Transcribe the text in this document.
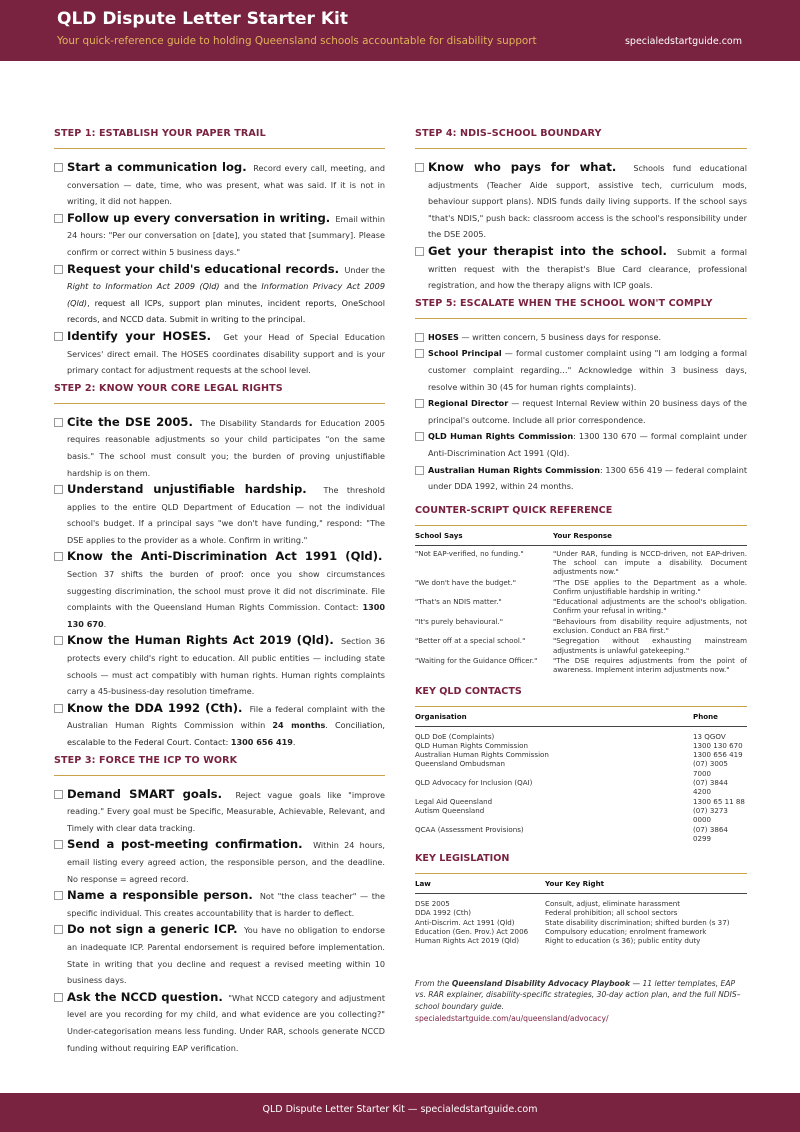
QLD Dispute Letter Starter Kit
Your quick-reference guide to holding Queensland schools accountable for disability support	specialedstartguide.com
STEP 1: ESTABLISH YOUR PAPER TRAIL
Start a communication log. Record every call, meeting, and conversation — date, time, who was present, what was said. If it is not in writing, it did not happen.
Follow up every conversation in writing. Email within 24 hours: "Per our conversation on [date], you stated that [summary]. Please confirm or correct within 5 business days."
Request your child's educational records. Under the Right to Information Act 2009 (Qld) and the Information Privacy Act 2009 (Qld), request all ICPs, support plan minutes, incident reports, OneSchool records, and NCCD data. Submit in writing to the principal.
Identify your HOSES. Get your Head of Special Education Services' direct email. The HOSES coordinates disability support and is your primary contact for adjustment requests at the school level.
STEP 2: KNOW YOUR CORE LEGAL RIGHTS
Cite the DSE 2005. The Disability Standards for Education 2005 requires reasonable adjustments so your child participates "on the same basis." The school must consult you; the burden of proving unjustifiable hardship is on them.
Understand unjustifiable hardship. The threshold applies to the entire QLD Department of Education — not the individual school's budget. If a principal says "we don't have funding," respond: "The DSE applies to the provider as a whole. Confirm in writing."
Know the Anti-Discrimination Act 1991 (Qld).  Section 37 shifts the burden of proof: once you show circumstances suggesting discrimination, the school must prove it did not discriminate. File complaints with the Queensland Human Rights Commission. Contact: 1300 130 670.
Know the Human Rights Act 2019 (Qld). Section 36 protects every child's right to education. All public entities — including state schools — must act compatibly with human rights. Human rights complaints carry a 45-business-day resolution timeframe.
Know the DDA 1992 (Cth). File a federal complaint with the Australian Human Rights Commission within 24 months. Conciliation, escalable to the Federal Court. Contact: 1300 656 419.
STEP 3: FORCE THE ICP TO WORK
Demand SMART goals. Reject vague goals like "improve reading." Every goal must be Specific, Measurable, Achievable, Relevant, and Timely with clear data tracking.
Send a post-meeting confirmation. Within 24 hours, email listing every agreed action, the responsible person, and the deadline. No response = agreed record.
Name a responsible person. Not "the class teacher" — the specific individual. This creates accountability that is harder to deflect.
Do not sign a generic ICP. You have no obligation to endorse an inadequate ICP. Parental endorsement is required before implementation. State in writing that you decline and request a revised meeting within 10 business days.
Ask the NCCD question. "What NCCD category and adjustment level are you recording for my child, and what evidence are you collecting?" Under-categorisation means less funding. Under RAR, schools generate NCCD funding without requiring EAP verification.
STEP 4: NDIS–SCHOOL BOUNDARY
Know who pays for what. Schools fund educational adjustments (Teacher Aide support, assistive tech, curriculum mods, behaviour support plans). NDIS funds daily living supports. If the school says "that's NDIS," push back: classroom access is the school's responsibility under the DSE 2005.
Get your therapist into the school. Submit a formal written request with the therapist's Blue Card clearance, professional registration, and how the therapy aligns with ICP goals.
STEP 5: ESCALATE WHEN THE SCHOOL WON'T COMPLY
HOSES — written concern, 5 business days for response.
School Principal — formal customer complaint using "I am lodging a formal customer complaint regarding…" Acknowledge within 3 business days, resolve within 30 (45 for human rights complaints).
Regional Director — request Internal Review within 20 business days of the principal's outcome. Include all prior correspondence.
QLD Human Rights Commission: 1300 130 670 — formal complaint under Anti-Discrimination Act 1991 (Qld).
Australian Human Rights Commission: 1300 656 419 — federal complaint under DDA 1992, within 24 months.
COUNTER-SCRIPT QUICK REFERENCE
School Says	Your Response
"Not EAP-verified, no funding."	"Under RAR, funding is NCCD-driven, not EAP-driven. The school can impute a disability. Document adjustments now."
"We don't have the budget."	"The DSE applies to the Department as a whole. Confirm unjustifiable hardship in writing."
"That's an NDIS matter."	"Educational adjustments are the school's obligation. Confirm your refusal in writing."
"It's purely behavioural."	"Behaviours from disability require adjustments, not exclusion. Conduct an FBA first."
"Better off at a special school."	"Segregation without exhausting mainstream adjustments is unlawful gatekeeping."
"Waiting for the Guidance Officer."	"The DSE requires adjustments from the point of awareness. Implement interim adjustments now."
KEY QLD CONTACTS
Organisation	Phone
QLD DoE (Complaints)	13 QGOV
QLD Human Rights Commission	1300 130 670
Australian Human Rights Commission	1300 656 419
Queensland Ombudsman	(07) 3005 7000
QLD Advocacy for Inclusion (QAI)	(07) 3844 4200
Legal Aid Queensland	1300 65 11 88
Autism Queensland	(07) 3273 0000
QCAA (Assessment Provisions)	(07) 3864 0299
KEY LEGISLATION
Law	Your Key Right
DSE 2005	Consult, adjust, eliminate harassment
DDA 1992 (Cth)	Federal prohibition; all school sectors
Anti-Discrim. Act 1991 (Qld)	State disability discrimination; shifted burden (s 37)
Education (Gen. Prov.) Act 2006	Compulsory education; enrolment framework
Human Rights Act 2019 (Qld)	Right to education (s 36); public entity duty
From the Queensland Disability Advocacy Playbook — 11 letter templates, EAP vs. RAR explainer, disability-specific strategies, 30-day action plan, and the full NDIS–school boundary guide.
specialedstartguide.com/au/queensland/advocacy/
QLD Dispute Letter Starter Kit — specialedstartguide.com
